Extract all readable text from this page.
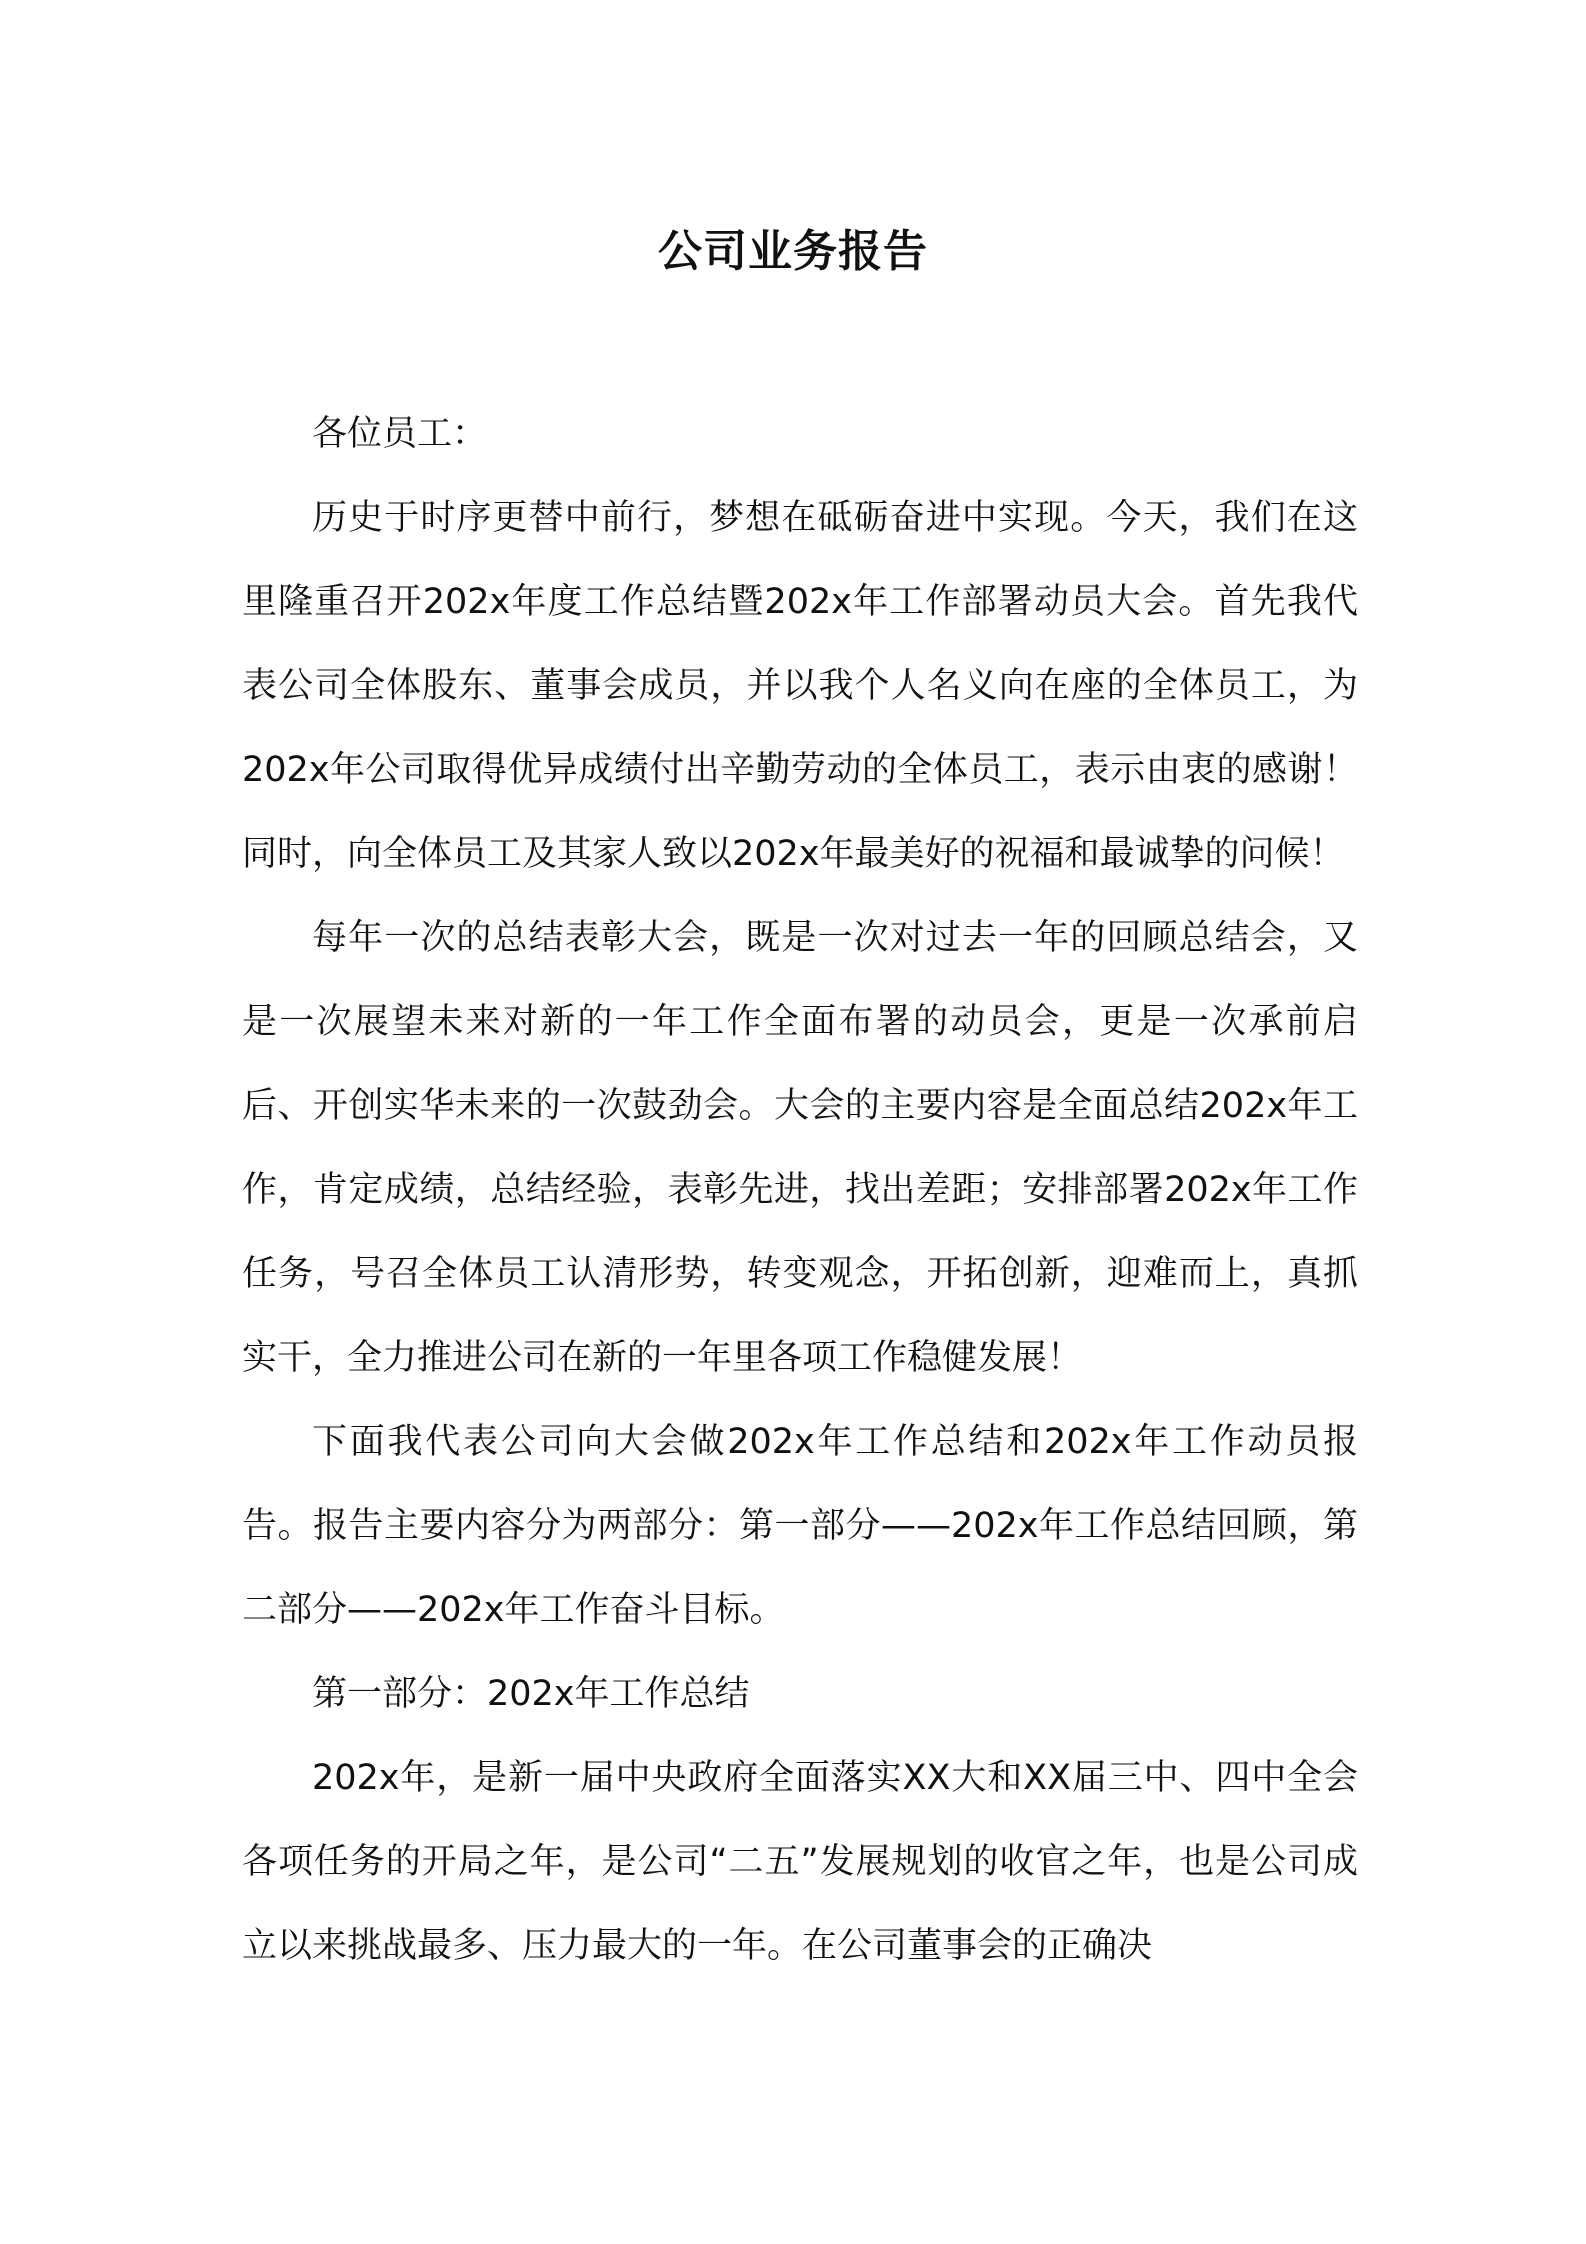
公司业务报告

各位员工：

历史于时序更替中前行，梦想在砥砺奋进中实现。今天，我们在这里隆重召开202x年度工作总结暨202x年工作部署动员大会。首先我代表公司全体股东、董事会成员，并以我个人名义向在座的全体员工，为202x年公司取得优异成绩付出辛勤劳动的全体员工，表示由衷的感谢！同时，向全体员工及其家人致以202x年最美好的祝福和最诚挚的问候！

每年一次的总结表彰大会，既是一次对过去一年的回顾总结会，又是一次展望未来对新的一年工作全面布署的动员会，更是一次承前启后、开创实华未来的一次鼓劲会。大会的主要内容是全面总结202x年工作，肯定成绩，总结经验，表彰先进，找出差距；安排部署202x年工作任务，号召全体员工认清形势，转变观念，开拓创新，迎难而上，真抓实干，全力推进公司在新的一年里各项工作稳健发展！

下面我代表公司向大会做202x年工作总结和202x年工作动员报告。报告主要内容分为两部分：第一部分——202x年工作总结回顾，第二部分——202x年工作奋斗目标。

第一部分：202x年工作总结

202x年，是新一届中央政府全面落实XX大和XX届三中、四中全会各项任务的开局之年，是公司“二五”发展规划的收官之年，也是公司成立以来挑战最多、压力最大的一年。在公司董事会的正确决
